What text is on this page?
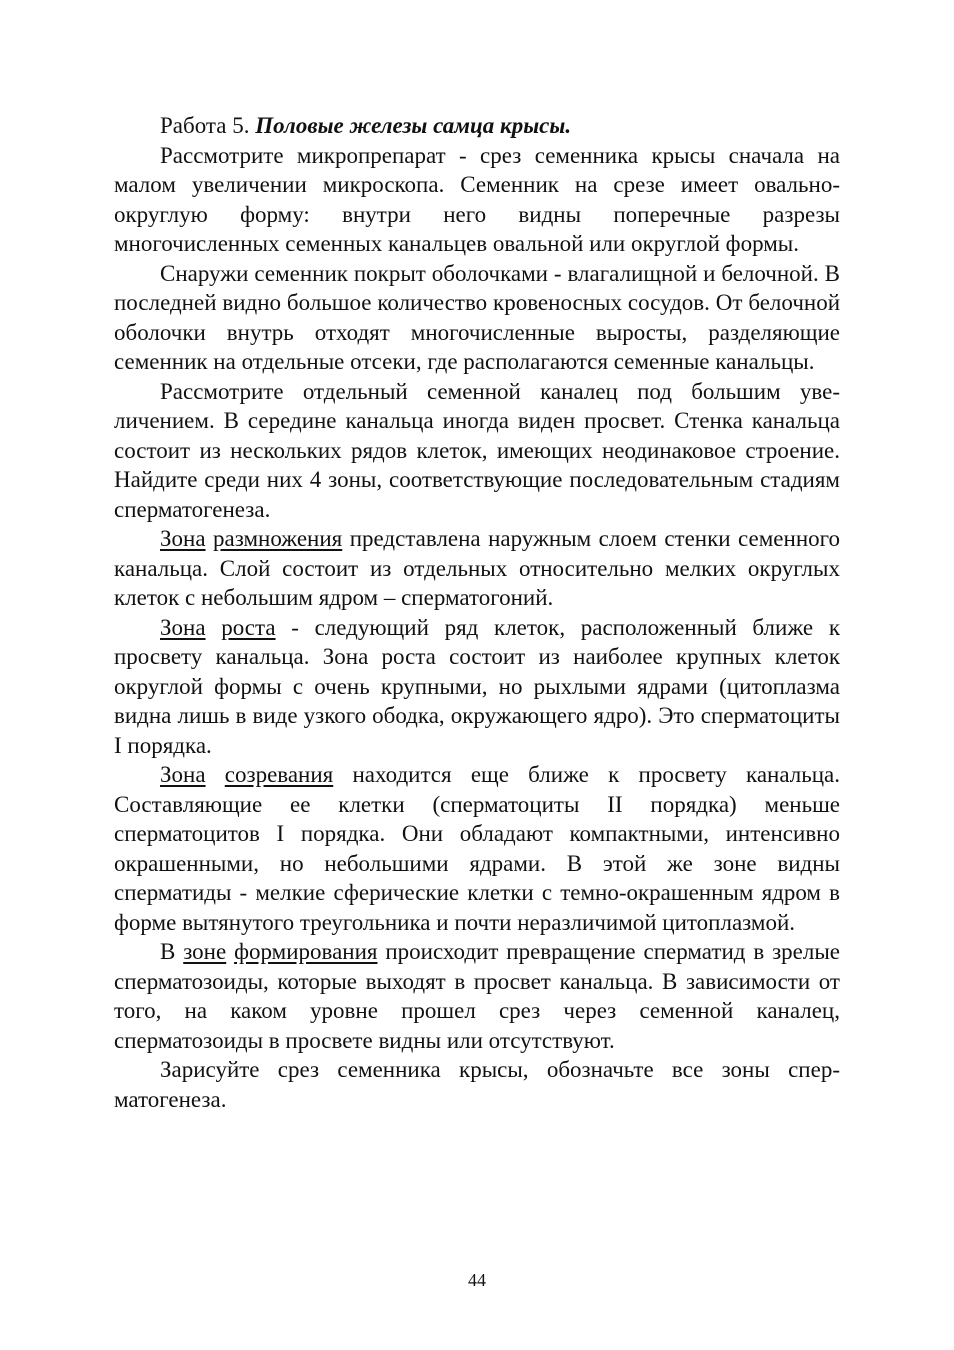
Работа 5. Половые железы самца крысы.

Рассмотрите микропрепарат - срез семенника крысы сначала на малом увеличении микроскопа. Семенник на срезе имеет овально-округлую форму: внутри него видны поперечные разрезы многочисленных семенных канальцев овальной или округлой формы.

Снаружи семенник покрыт оболочками - влагалищной и белочной. В последней видно большое количество кровеносных сосудов. От белочной оболочки внутрь отходят многочисленные выросты, разделяющие семенник на отдельные отсеки, где располагаются семенные канальцы.

Рассмотрите отдельный семенной каналец под большим увеличением. В середине канальца иногда виден просвет. Стенка канальца состоит из нескольких рядов клеток, имеющих неодинаковое строение. Найдите среди них 4 зоны, соответствующие последовательным стадиям сперматогенеза.

Зона размножения представлена наружным слоем стенки семенного канальца. Слой состоит из отдельных относительно мелких округлых клеток с небольшим ядром – сперматогоний.

Зона роста - следующий ряд клеток, расположенный ближе к просвету канальца. Зона роста состоит из наиболее крупных клеток округлой формы с очень крупными, но рыхлыми ядрами (цитоплазма видна лишь в виде узкого ободка, окружающего ядро). Это сперматоциты I порядка.

Зона созревания находится еще ближе к просвету канальца. Составляющие ее клетки (сперматоциты II порядка) меньше сперматоцитов I порядка. Они обладают компактными, интенсивно окрашенными, но небольшими ядрами. В этой же зоне видны сперматиды - мелкие сферические клетки с темно-окрашенным ядром в форме вытянутого треугольника и почти неразличимой цитоплазмой.

В зоне формирования происходит превращение сперматид в зрелые сперматозоиды, которые выходят в просвет канальца. В зависимости от того, на каком уровне прошел срез через семенной каналец, сперматозоиды в просвете видны или отсутствуют.

Зарисуйте срез семенника крысы, обозначьте все зоны сперматогенеза.

44
